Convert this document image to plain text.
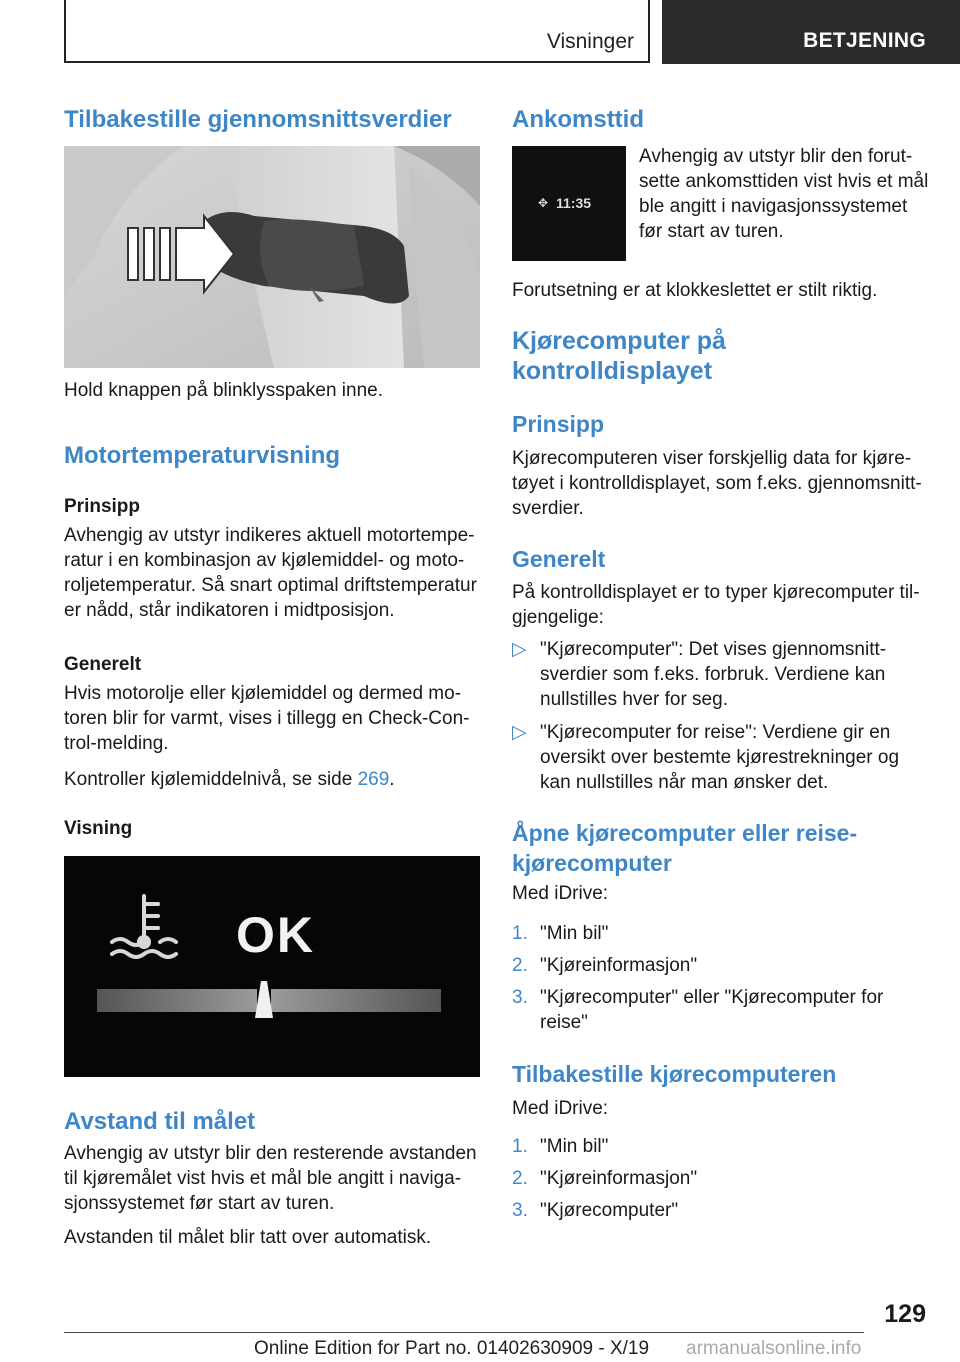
Visninger	BETJENING
Tilbakestille gjennomsnittsverdier

Hold knappen på blinklysspaken inne.

Motortemperaturvisning
Prinsipp

Avhengig av utstyr indikeres aktuell motortemperatur i en kombinasjon av kjølemiddel- og motoroljetemperatur. Så snart optimal driftstemperatur er nådd, står indikatoren i midtposisjon.

Generelt

Hvis motorolje eller kjølemiddel og dermed motoren blir for varmt, vises i tillegg en Check-Control-melding.

Kontroller kjølemiddelnivå, se side 269.

Visning
OK
Avstand til målet

Avhengig av utstyr blir den resterende avstanden til kjøremålet vist hvis et mål ble angitt i navigasjonssystemet før start av turen.

Avstanden til målet blir tatt over automatisk.

Ankomsttid
✥ 11:35

Avhengig av utstyr blir den forutsette ankomsttiden vist hvis et mål ble angitt i navigasjonssystemet før start av turen.

Forutsetning er at klokkeslettet er stilt riktig.

Kjørecomputer på kontrolldisplayet
Prinsipp

Kjørecomputeren viser forskjellig data for kjøretøyet i kontrolldisplayet, som f.eks. gjennomsnittsverdier.

Generelt

På kontrolldisplayet er to typer kjørecomputer tilgjengelige:

▷ "Kjørecomputer": Det vises gjennomsnittsverdier som f.eks. forbruk. Verdiene kan nullstilles hver for seg.
▷ "Kjørecomputer for reise": Verdiene gir en oversikt over bestemte kjørestrekninger og kan nullstilles når man ønsker det.
Åpne kjørecomputer eller reisekjørecomputer

Med iDrive:

1. "Min bil"
2. "Kjøreinformasjon"
3. "Kjørecomputer" eller "Kjørecomputer for reise"
Tilbakestille kjørecomputeren

Med iDrive:

1. "Min bil"
2. "Kjøreinformasjon"
3. "Kjørecomputer"
129
Online Edition for Part no. 01402630909 - X/19 armanualsonline.info
